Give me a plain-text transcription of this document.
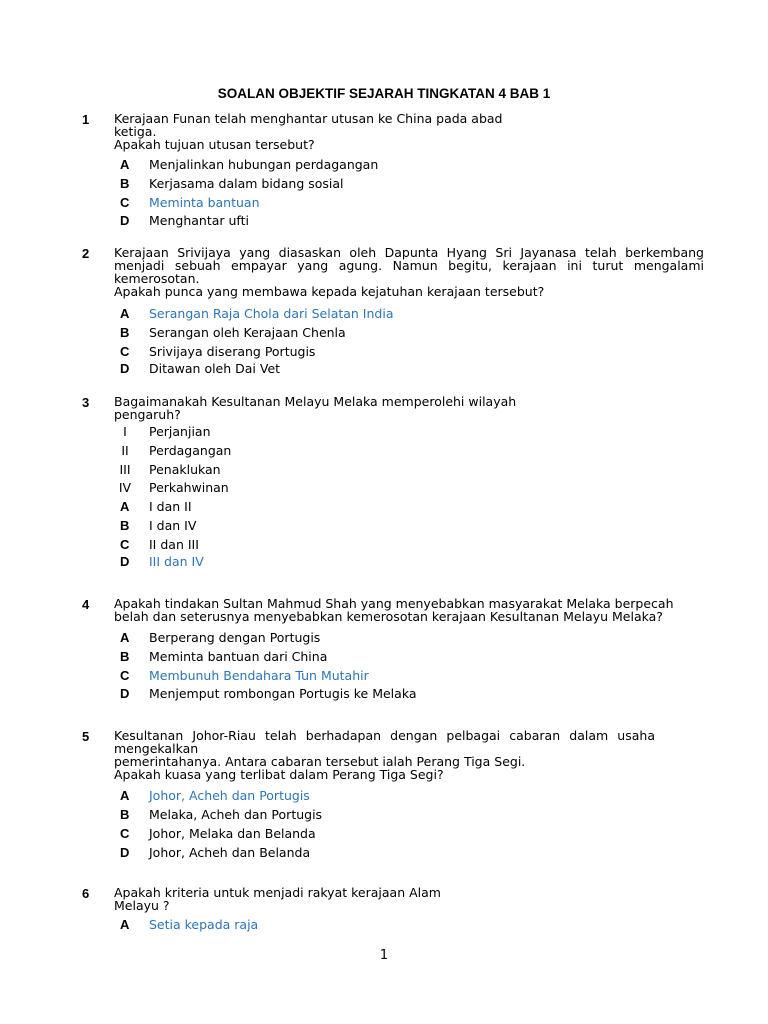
SOALAN OBJEKTIF SEJARAH TINGKATAN 4 BAB 1
1 Kerajaan Funan telah menghantar utusan ke China pada abad
ketiga.
Apakah tujuan utusan tersebut?
A Menjalinkan hubungan perdagangan
B Kerjasama dalam bidang sosial
C Meminta bantuan
D Menghantar ufti
2 Kerajaan Srivijaya yang diasaskan oleh Dapunta Hyang Sri Jayanasa telah berkembang
menjadi sebuah empayar yang agung. Namun begitu, kerajaan ini turut mengalami
kemerosotan.
Apakah punca yang membawa kepada kejatuhan kerajaan tersebut?
A Serangan Raja Chola dari Selatan India
B Serangan oleh Kerajaan Chenla
C Srivijaya diserang Portugis
D Ditawan oleh Dai Vet
3 Bagaimanakah Kesultanan Melayu Melaka memperolehi wilayah
pengaruh?
I	Perjanjian
II	Perdagangan
III Penaklukan
IV Perkahwinan
A I dan II
B I dan IV
C II dan III
D III dan IV
4 Apakah tindakan Sultan Mahmud Shah yang menyebabkan masyarakat Melaka berpecah
belah dan seterusnya menyebabkan kemerosotan kerajaan Kesultanan Melayu Melaka?
A Berperang dengan Portugis
B Meminta bantuan dari China
C Membunuh Bendahara Tun Mutahir
D Menjemput rombongan Portugis ke Melaka
5 Kesultanan Johor-Riau telah berhadapan dengan pelbagai cabaran dalam usaha
mengekalkan
pemerintahanya. Antara cabaran tersebut ialah Perang Tiga Segi.
Apakah kuasa yang terlibat dalam Perang Tiga Segi?
A Johor, Acheh dan Portugis
B Melaka, Acheh dan Portugis
C Johor, Melaka dan Belanda
D Johor, Acheh dan Belanda
6 Apakah kriteria untuk menjadi rakyat kerajaan Alam
Melayu ?
A Setia kepada raja
1
